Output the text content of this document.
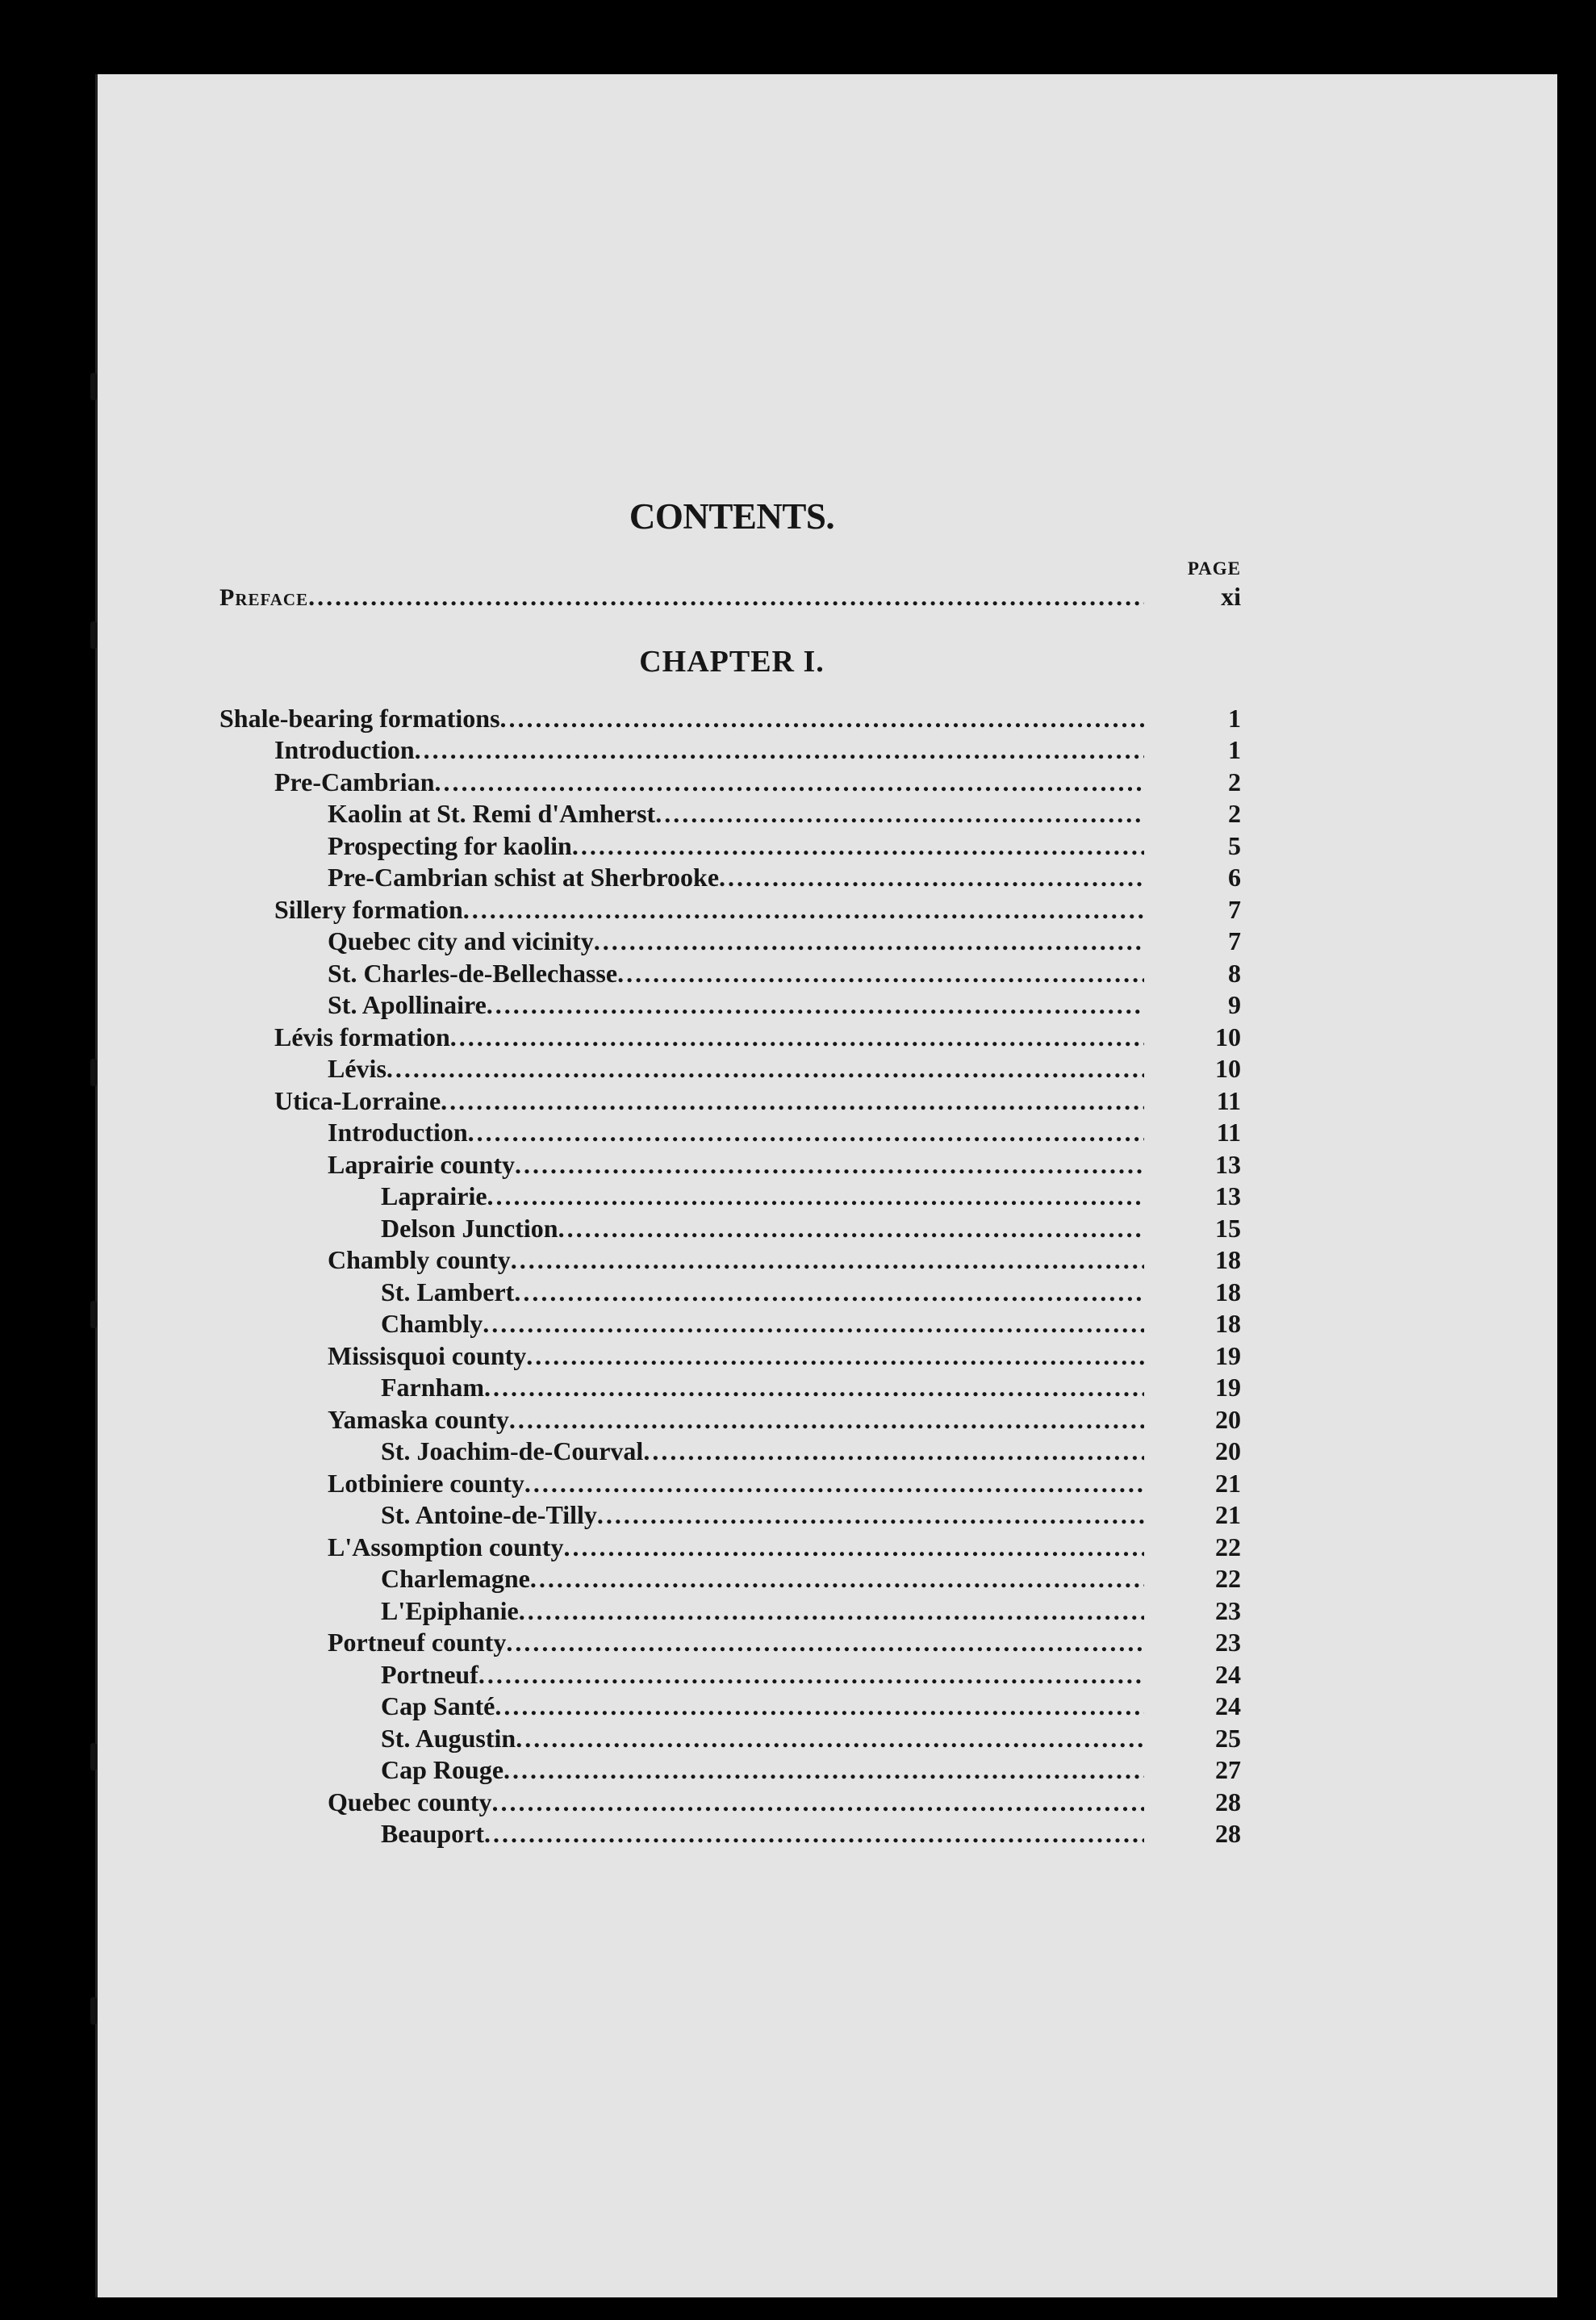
CONTENTS.
PAGE
Preface .....	xi
CHAPTER I.
Shale-bearing formations .....	1
Introduction .....	1
Pre-Cambrian .....	2
Kaolin at St. Remi d'Amherst .....	2
Prospecting for kaolin .....	5
Pre-Cambrian schist at Sherbrooke .....	6
Sillery formation .....	7
Quebec city and vicinity .....	7
St. Charles-de-Bellechasse .....	8
St. Apollinaire .....	9
Lévis formation .....	10
Lévis .....	10
Utica-Lorraine .....	11
Introduction .....	11
Laprairie county .....	13
Laprairie .....	13
Delson Junction .....	15
Chambly county .....	18
St. Lambert .....	18
Chambly .....	18
Missisquoi county .....	19
Farnham .....	19
Yamaska county .....	20
St. Joachim-de-Courval .....	20
Lotbiniere county .....	21
St. Antoine-de-Tilly .....	21
L'Assomption county .....	22
Charlemagne .....	22
L'Epiphanie .....	23
Portneuf county .....	23
Portneuf .....	24
Cap Santé .....	24
St. Augustin .....	25
Cap Rouge .....	27
Quebec county .....	28
Beauport .....	28
